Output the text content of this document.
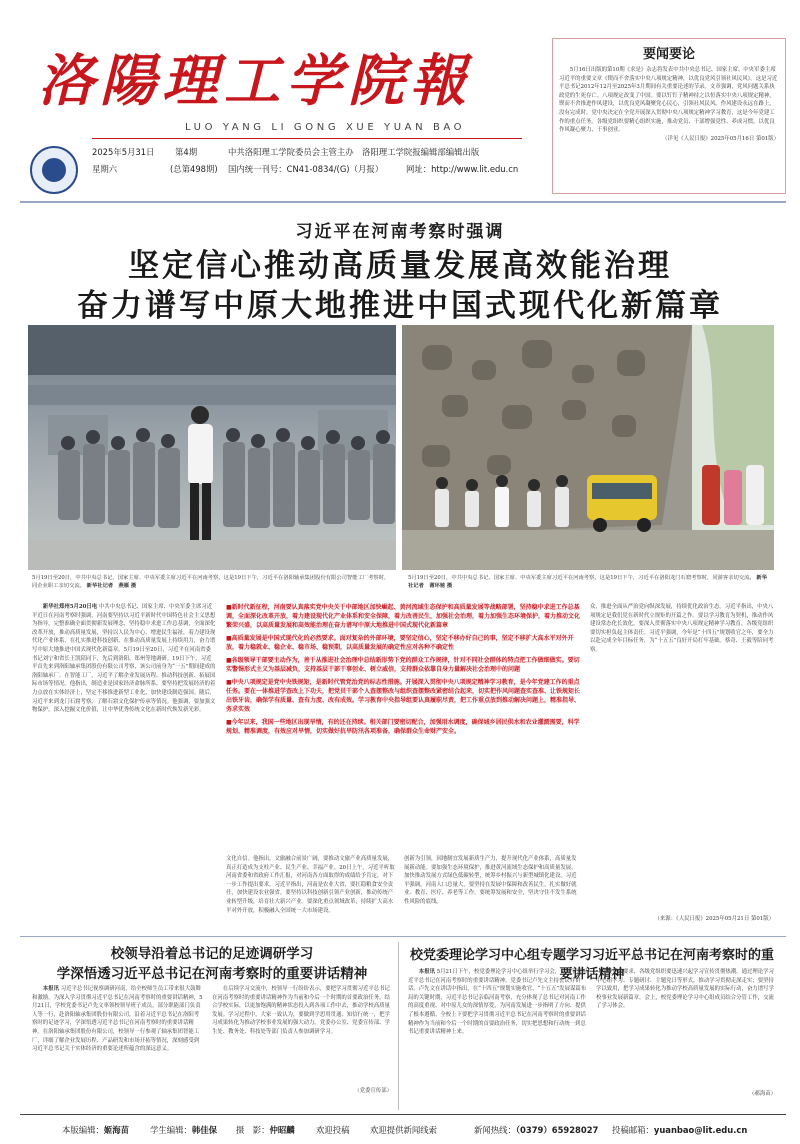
洛陽理工学院報
LUO YANG LI GONG XUE YUAN BAO
2025年5月31日
星期六
第4期
(总第498期)
中共洛阳理工学院委员会主管主办　洛阳理工学院报编辑部编辑出版
国内统一刊号：CN41-0834/(G)（月报）	网址：http://www.lit.edu.cn
要闻要论

5月16日出版的第10期《求是》杂志将发表中共中央总书记、国家主席、中央军委主席习近平的重要文章《锲而不舍落实中央八项规定精神，以优良党风引领社风民风》。这是习近平总书记2012年12月至2025年3月期间有关重要论述的节录。文章强调，党风问题关系执政党的生死存亡。八项规定改变了中国。要以钉钉子精神持之以恒落实中央八项规定精神，锲而不舍推进作风建设，以优良党风凝聚党心民心，引领社风民风。作风建设永远在路上，没有完成时。党中央决定在全党开展深入贯彻中央八项规定精神学习教育，这是今年党建工作的重点任务。各级党组织要精心组织实施，推动党员、干部增强党性、养成习惯，以优良作风凝心聚力、干事创业。

（详见《人民日报》2025年05月16日 第01版）

习近平在河南考察时强调
坚定信心推动高质量发展高效能治理
奋力谱写中原大地推进中国式现代化新篇章
5月19日至20日，中共中央总书记、国家主席、中央军委主席习近平在河南考察。这是19日下午，习近平在洛阳轴承集团股份有限公司智能工厂考察时，同企业职工亲切交流。 新华社记者　燕雁 摄
5月19日至20日，中共中央总书记、国家主席、中央军委主席习近平在河南考察。这是19日下午，习近平在洛阳龙门石窟考察时，同游客亲切交流。 新华社记者　谢环驰 摄

新华社郑州5月20日电 中共中央总书记、国家主席、中央军委主席习近平近日在河南考察时强调，河南要坚持以习近平新时代中国特色社会主义思想为指导，完整准确全面贯彻新发展理念，坚持稳中求进工作总基调，全面深化改革开放，推动高质量发展，坚持以人民为中心，增进民生福祉，着力建设现代化产业体系，在扎实推进科技创新、在推动高质量发展上持续用力，奋力谱写中原大地推进中国式现代化新篇章。5月19日至20日，习近平在河南省委书记刘宁和省长王凯陪同下，先后到洛阳、郑州等地调研。19日下午，习近平首先来到洛阳轴承集团股份有限公司考察，该公司前身为“一五”期间建成的洛阳轴承厂。在智能工厂，习近平了解企业发展历程、推动科技创新、拓展国际市场等情况。他指出，制造业是国家经济命脉所系，要坚持把发展经济的着力点放在实体经济上，坚定不移推进新型工业化，加快建设制造强国。随后，习近平来到龙门石窟考察，了解石窟文化保护传承等情况。他强调，要加强文物保护，深入挖掘文化价值，让中华优秀传统文化在新时代焕发新光彩。

■新时代新征程，河南要认真落实党中央关于中部地区加快崛起、黄河流域生态保护和高质量发展等战略部署，坚持稳中求进工作总基调，全面深化改革开放，着力建设现代化产业体系和安全保障，着力改善民生，加强社会治理，着力加强生态环境保护，着力推动文化繁荣兴盛，以高质量发展和高效能治理在奋力谱写中原大地推进中国式现代化新篇章

■高质量发展是中国式现代化的必然要求。面对复杂的外部环境，要坚定信心，坚定不移办好自己的事，坚定不移扩大高水平对外开放，着力稳就业、稳企业、稳市场、稳预期，以高质量发展的确定性应对各种不确定性

■各级领导干部要主动作为，善于从推进社会治理中总结新形势下党的群众工作规律，针对不同社会群体的特点把工作做细做实。要切实警惕形式主义为基层减负，支持基层干部干事创业、树立威信，支持群众依靠自身力量解决社会治理中的问题

■中央八项规定是党中央铁规矩，是新时代管党治党的标志性措施。开展深入贯彻中央八项规定精神学习教育，是今年党建工作的重点任务。要在一体推进学查改上下功夫，把党员干部个人查摆整改与组织查摆整改紧密结合起来，切实把作风问题查实查准、让铁规矩长出铁牙齿，确保学有质量、查有力度、改有成效。学习教育中央指导组要认真履职尽责，把工作重点放到推动解决问题上，精准指导、务求实效

■今年以来，我国一些地区出现旱情，有的还在持续。相关部门要密切配合，加强用水调度，确保城乡居民供水和农业灌溉需要，科学规划、精准调度，有效应对旱情，切实做好抗旱防汛各项准备，确保群众生命财产安全。

文化自信。他指出，文旅融合前景广阔，要推动文旅产业高质量发展，真正打造成为支柱产业、民生产业、幸福产业。20日上午，习近平听取河南省委和省政府工作汇报，对河南各方面取得的成绩给予肯定，对下一步工作提出要求。习近平指出，河南是农业大省，要扛稳粮食安全责任，加快建设农业强省。要坚持以科技创新引领产业创新，推动传统产业转型升级，培育壮大新兴产业。要深化重点领域改革，持续扩大高水平对外开放，积极融入全国统一大市场建设。

创新为引领，因地制宜发展新质生产力，提升现代化产业体系，高质量发展新动能。要加强生态环境保护，推进黄河流域生态保护和高质量发展，加快推动发展方式绿色低碳转型，统筹乡村振兴与新型城镇化建设。习近平强调，河南人口总量大，要坚持在发展中保障和改善民生，扎实做好就业、教育、医疗、养老等工作。要统筹发展和安全，坚决守住不发生系统性风险的底线。

众，推进全面从严治党向纵深发展，持续优化政治生态。习近平指出，中央八项规定是我们党在新时代立规矩的开篇之作。要以学习教育为契机，推动作风建设常态化长效化。要深入贯彻落实中央八项规定精神学习教育，各级党组织要切实担负起主体责任。习近平强调，今年是“十四五”规划收官之年，要全力以赴完成全年目标任务，为“十五五”良好开局打牢基础。蔡奇、王毅等陪同考察。

（来源：《人民日报》2025年05月21日 第01版）

校领导沿着总书记的足迹调研学习
学深悟透习近平总书记在河南考察时的重要讲话精神

本报讯 习近平总书记视察调研河南，给全校师生员工带来很大鼓舞和激励。为深入学习贯彻习近平总书记在河南考察时的重要讲话精神，5月21日，学校党委书记卢先文率领校领导班子成员，部分职能部门负责人等一行，赴洛阳轴承集团股份有限公司，沿着习近平总书记在洛阳考察时的足迹学习，学深悟透习近平总书记在河南考察时的重要讲话精神。在洛阳轴承集团股份有限公司，校领导一行参观了轴承集团智能工厂，详细了解企业发展历程、产品研发和市场开拓等情况，深刻感受到习近平总书记关于实体经济的重要论述所蕴含的深远意义。

在后续学习交流中，校领导一行纷纷表示，要把学习贯彻习近平总书记在河南考察时的重要讲话精神作为当前和今后一个时期的首要政治任务，结合学校实际，以更加饱满的精神状态投入到各项工作中去，推动学校高质量发展。学习过程中，大家一致认为，要做到学思用贯通、知信行统一，把学习成果转化为推动学校事业发展的强大动力。党委办公室、党委宣传部、学生处、教务处、科技处等部门负责人参加调研学习。

（党委宣传部）

校党委理论学习中心组专题学习习近平总书记在河南考察时的重要讲话精神

本报讯 5月21日下午，校党委理论学习中心组举行学习会，专题学习习近平总书记在河南考察时的重要讲话精神。党委书记卢先文主持会议并讲话。卢先文在讲话中指出，在“十四五”规划实施收官、“十五五”发展谋篇布局的关键时期，习近平总书记亲临河南考察，充分体现了总书记对河南工作的高度重视、对中原儿女的深情厚爱，为河南发展进一步指明了方向、提供了根本遵循。全校上下要把学习贯彻习近平总书记在河南考察时的重要讲话精神作为当前和今后一个时期的首要政治任务，切实把思想和行动统一到总书记重要讲话精神上来。

校党委要求，各级党组织要迅速兴起学习宣传贯彻热潮，通过理论学习中心组学习、专题研讨、主题党日等形式，推动学习贯彻走深走实；要坚持学以致用，把学习成果转化为推动学校高质量发展的实际行动，奋力谱写学校事业发展新篇章。会上，校党委理论学习中心组成员结合分管工作，交流了学习体会。

（郝海苗）

本版编辑：姬海苗	学生编辑：韩佳保 摄　影：仲昭麟	欢迎投稿 欢迎提供新闻线索	新闻热线：（0379）65928027 投稿邮箱：yuanbao@lit.edu.cn
